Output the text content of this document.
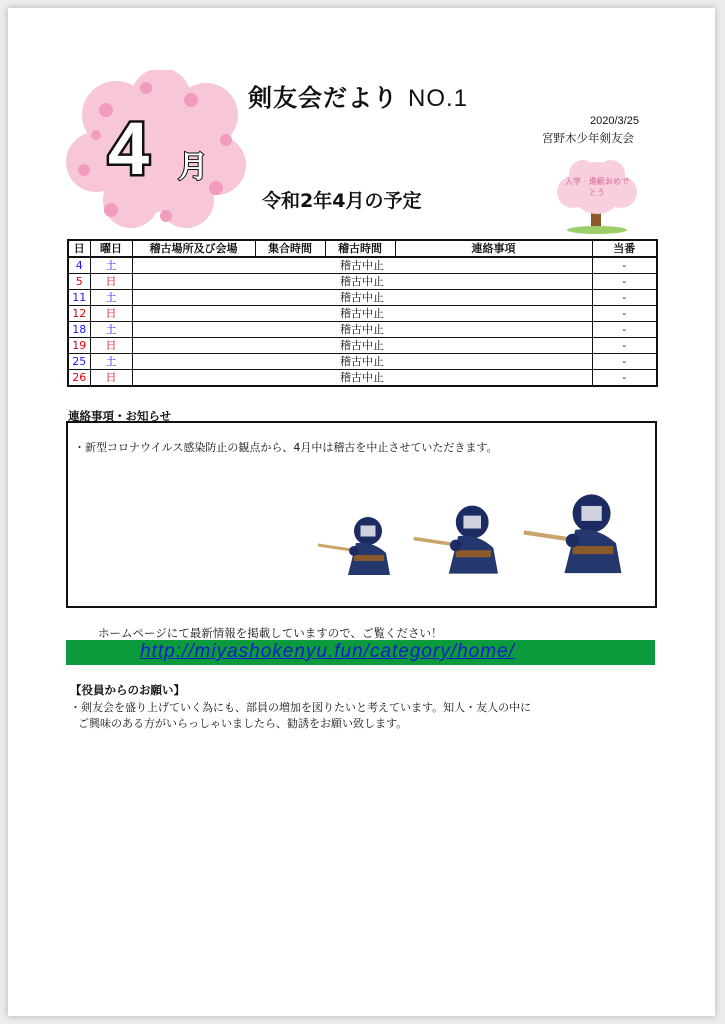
4 月
剣友会だより NO.1
2020/3/25
宮野木少年剣友会
令和2年4月の予定
入学・進級おめでとう
日	曜日	稽古場所及び会場	集合時間	稽古時間	連絡事項	当番
4	土	稽古中止				-
5	日	稽古中止				-
11	土	稽古中止				-
12	日	稽古中止				-
18	土	稽古中止				-
19	日	稽古中止				-
25	土	稽古中止				-
26	日	稽古中止				-
連絡事項・お知らせ
・新型コロナウイルス感染防止の観点から、4月中は稽古を中止させていただきます。
ホームページにて最新情報を掲載していますので、ご覧ください！
http://miyashokenyu.fun/category/home/
【役員からのお願い】
・剣友会を盛り上げていく為にも、部員の増加を図りたいと考えています。知人・友人の中に
ご興味のある方がいらっしゃいましたら、勧誘をお願い致します。
